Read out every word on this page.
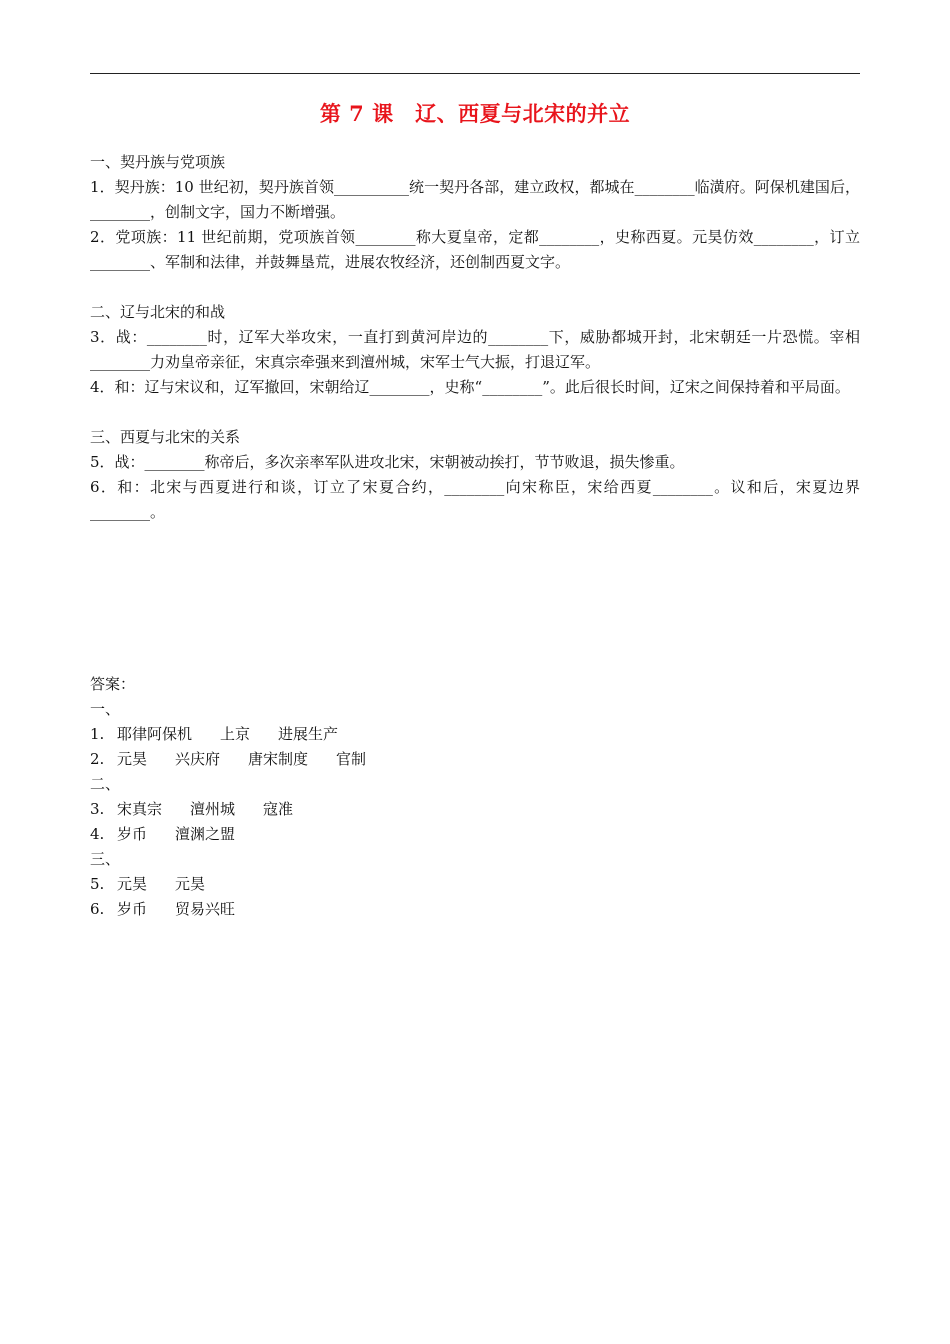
第 7 课　辽、西夏与北宋的并立
一、契丹族与党项族
1．契丹族：10 世纪初，契丹族首领__________统一契丹各部，建立政权，都城在________临潢府。阿保机建国后，________，创制文字，国力不断增强。
2．党项族：11 世纪前期，党项族首领________称大夏皇帝，定都________，史称西夏。元昊仿效________，订立________、军制和法律，并鼓舞垦荒，进展农牧经济，还创制西夏文字。
二、辽与北宋的和战
3．战：________时，辽军大举攻宋，一直打到黄河岸边的________下，威胁都城开封，北宋朝廷一片恐慌。宰相________力劝皇帝亲征，宋真宗牵强来到澶州城，宋军士气大振，打退辽军。
4．和：辽与宋议和，辽军撤回，宋朝给辽________，史称“________”。此后很长时间，辽宋之间保持着和平局面。
三、西夏与北宋的关系
5．战：________称帝后，多次亲率军队进攻北宋，宋朝被动挨打，节节败退，损失惨重。
6．和：北宋与西夏进行和谈，订立了宋夏合约，________向宋称臣，宋给西夏________。议和后，宋夏边界________。
答案：
一、
1. 耶律阿保机 上京 进展生产
2. 元昊 兴庆府 唐宋制度 官制
二、
3. 宋真宗 澶州城 寇准
4. 岁币 澶渊之盟
三、
5. 元昊 元昊
6. 岁币 贸易兴旺
